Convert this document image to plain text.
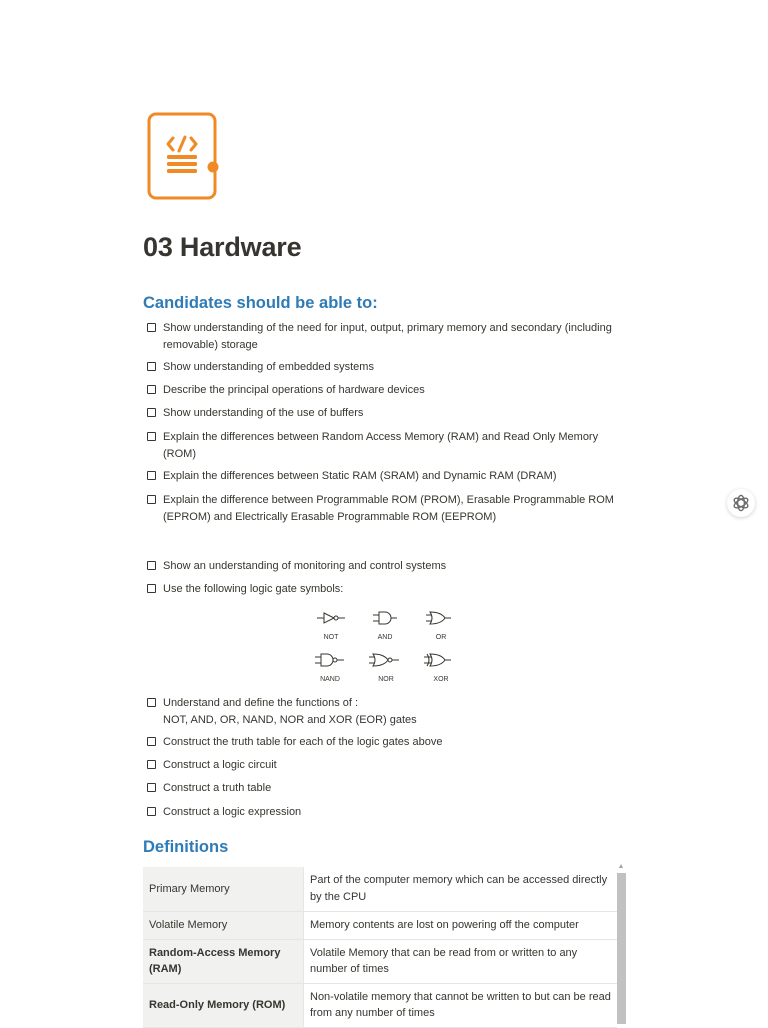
03 Hardware
Candidates should be able to:
Show understanding of the need for input, output, primary memory and secondary (including removable) storage
Show understanding of embedded systems
Describe the principal operations of hardware devices
Show understanding of the use of buffers
Explain the differences between Random Access Memory (RAM) and Read Only Memory (ROM)
Explain the differences between Static RAM (SRAM) and Dynamic RAM (DRAM)
Explain the difference between Programmable ROM (PROM), Erasable Programmable ROM (EPROM) and Electrically Erasable Programmable ROM (EEPROM)
Show an understanding of monitoring and control systems
Use the following logic gate symbols:
NOT	AND	OR
NAND	NOR	XOR
Understand and define the functions of :
NOT, AND, OR, NAND, NOR and XOR (EOR) gates
Construct the truth table for each of the logic gates above
Construct a logic circuit
Construct a truth table
Construct a logic expression
Definitions
Primary Memory	Part of the computer memory which can be accessed directly by the CPU
Volatile Memory	Memory contents are lost on powering off the computer
Random-Access Memory (RAM)	Volatile Memory that can be read from or written to any number of times
Read-Only Memory (ROM)	Non-volatile memory that cannot be written to but can be read from any number of times
